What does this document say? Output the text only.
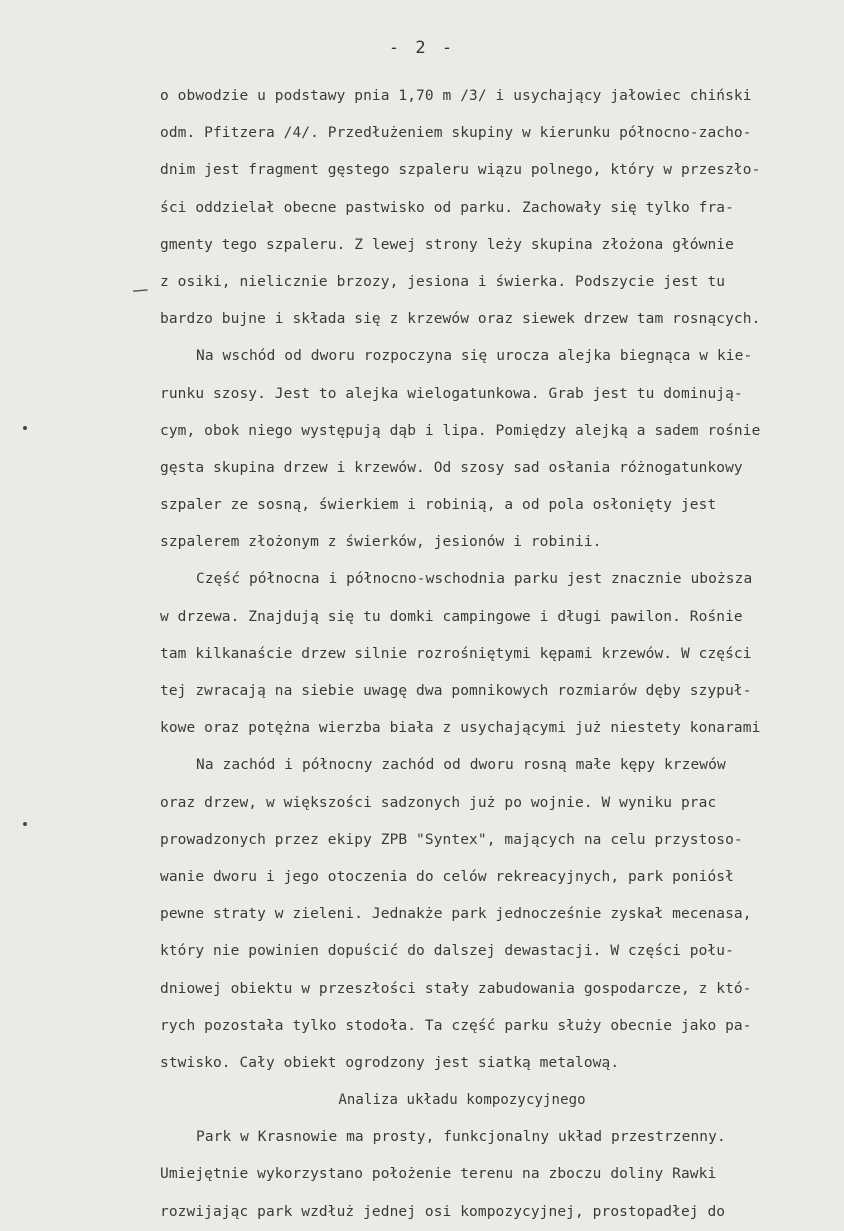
- 2 -
/
o obwodzie u podstawy pnia 1,70 m /3/ i usychający jałowiec chiński
odm. Pfitzera /4/. Przedłużeniem skupiny w kierunku północno-zacho-
dnim jest fragment gęstego szpaleru wiązu polnego, który w przeszło-
ści oddzielał obecne pastwisko od parku. Zachowały się tylko fra-
gmenty tego szpaleru. Z lewej strony leży skupina złożona głównie
z osiki, nielicznie brzozy, jesiona i świerka. Podszycie jest tu
bardzo bujne i składa się z krzewów oraz siewek drzew tam rosnących.
Na wschód od dworu rozpoczyna się urocza alejka biegnąca w kie-
runku szosy. Jest to alejka wielogatunkowa. Grab jest tu dominują-
cym, obok niego występują dąb i lipa. Pomiędzy alejką a sadem rośnie
gęsta skupina drzew i krzewów. Od szosy sad osłania różnogatunkowy
szpaler ze sosną, świerkiem i robinią, a od pola osłonięty jest
szpalerem złożonym z świerków, jesionów i robinii.
Część północna i północno-wschodnia parku jest znacznie uboższa
w drzewa. Znajdują się tu domki campingowe i długi pawilon. Rośnie
tam kilkanaście drzew silnie rozrośniętymi kępami krzewów. W części
tej zwracają na siebie uwagę dwa pomnikowych rozmiarów dęby szypuł-
kowe oraz potężna wierzba biała z usychającymi już niestety konarami
Na zachód i północny zachód od dworu rosną małe kępy krzewów
oraz drzew, w większości sadzonych już po wojnie. W wyniku prac
prowadzonych przez ekipy ZPB "Syntex", mających na celu przystoso-
wanie dworu i jego otoczenia do celów rekreacyjnych, park poniósł
pewne straty w zieleni. Jednakże park jednocześnie zyskał mecenasa,
który nie powinien dopuścić do dalszej dewastacji. W części połu-
dniowej obiektu w przeszłości stały zabudowania gospodarcze, z któ-
rych pozostała tylko stodoła. Ta część parku służy obecnie jako pa-
stwisko. Cały obiekt ogrodzony jest siatką metalową.
Analiza układu kompozycyjnego
Park w Krasnowie ma prosty, funkcjonalny układ przestrzenny.
Umiejętnie wykorzystano położenie terenu na zboczu doliny Rawki
rozwijając park wzdłuż jednej osi kompozycyjnej, prostopadłej do
